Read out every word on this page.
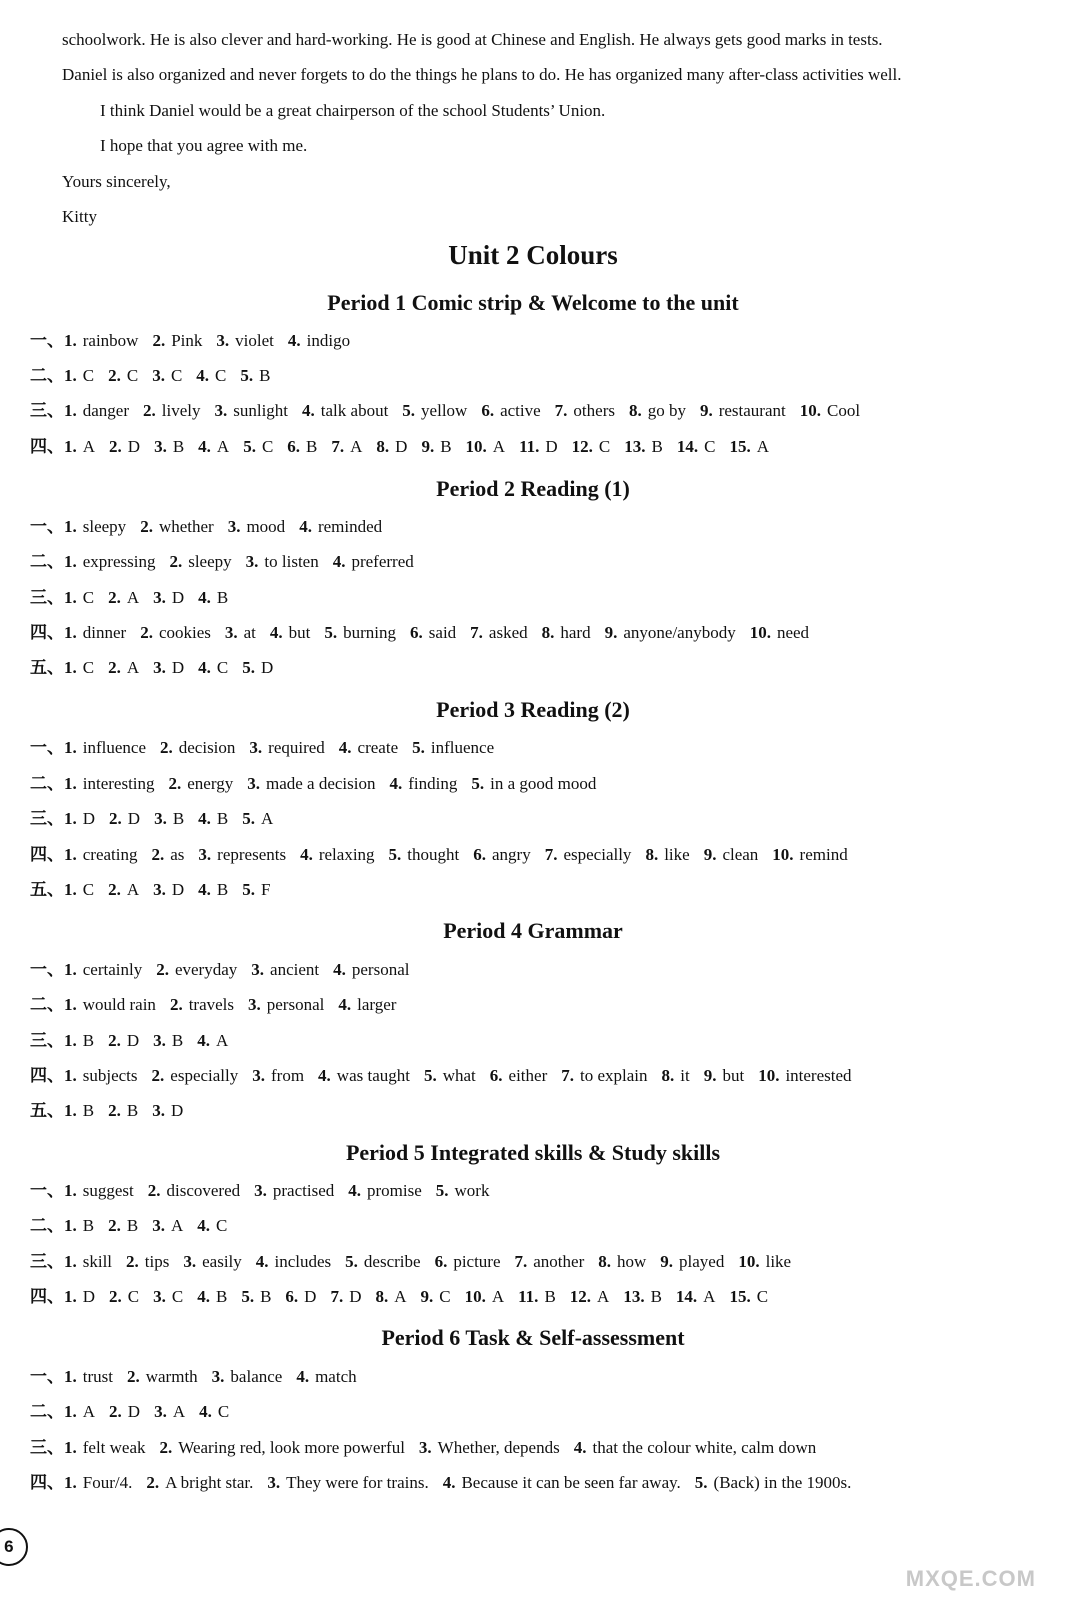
schoolwork. He is also clever and hard-working. He is good at Chinese and English. He always gets good marks in tests.
Daniel is also organized and never forgets to do the things he plans to do. He has organized many after-class activities well.
I think Daniel would be a great chairperson of the school Students’ Union.
I hope that you agree with me.
Yours sincerely,
Kitty
Unit 2 Colours
Period 1 Comic strip & Welcome to the unit
一、1. rainbow 2. Pink 3. violet 4. indigo
二、1. C 2. C 3. C 4. C 5. B
三、1. danger 2. lively 3. sunlight 4. talk about 5. yellow 6. active 7. others 8. go by 9. restaurant 10. Cool
四、1. A 2. D 3. B 4. A 5. C 6. B 7. A 8. D 9. B 10. A 11. D 12. C 13. B 14. C 15. A
Period 2 Reading (1)
一、1. sleepy 2. whether 3. mood 4. reminded
二、1. expressing 2. sleepy 3. to listen 4. preferred
三、1. C 2. A 3. D 4. B
四、1. dinner 2. cookies 3. at 4. but 5. burning 6. said 7. asked 8. hard 9. anyone/anybody 10. need
五、1. C 2. A 3. D 4. C 5. D
Period 3 Reading (2)
一、1. influence 2. decision 3. required 4. create 5. influence
二、1. interesting 2. energy 3. made a decision 4. finding 5. in a good mood
三、1. D 2. D 3. B 4. B 5. A
四、1. creating 2. as 3. represents 4. relaxing 5. thought 6. angry 7. especially 8. like 9. clean 10. remind
五、1. C 2. A 3. D 4. B 5. F
Period 4 Grammar
一、1. certainly 2. everyday 3. ancient 4. personal
二、1. would rain 2. travels 3. personal 4. larger
三、1. B 2. D 3. B 4. A
四、1. subjects 2. especially 3. from 4. was taught 5. what 6. either 7. to explain 8. it 9. but 10. interested
五、1. B 2. B 3. D
Period 5 Integrated skills & Study skills
一、1. suggest 2. discovered 3. practised 4. promise 5. work
二、1. B 2. B 3. A 4. C
三、1. skill 2. tips 3. easily 4. includes 5. describe 6. picture 7. another 8. how 9. played 10. like
四、1. D 2. C 3. C 4. B 5. B 6. D 7. D 8. A 9. C 10. A 11. B 12. A 13. B 14. A 15. C
Period 6 Task & Self-assessment
一、1. trust 2. warmth 3. balance 4. match
二、1. A 2. D 3. A 4. C
三、1. felt weak 2. Wearing red, look more powerful 3. Whether, depends 4. that the colour white, calm down
四、1. Four/4. 2. A bright star. 3. They were for trains. 4. Because it can be seen far away. 5. (Back) in the 1900s.
6
MXQE.COM
